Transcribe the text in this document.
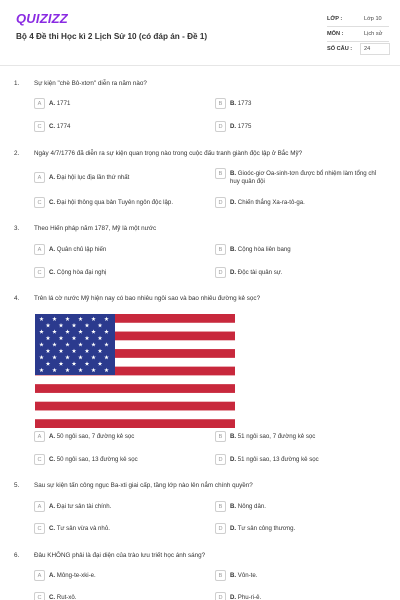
QUIZIZZ
Bộ 4 Đề thi Học kì 2 Lịch Sử 10 (có đáp án - Đề 1)
LỚP :	Lớp 10
MÔN :	Lịch sử
SỐ CÂU : 24
1. Sự kiện "chè Bô-xtơn" diễn ra năm nào?
A	A. 1771	B	B. 1773
C	C. 1774	D	D. 1775
2. Ngày 4/7/1776 đã diễn ra sự kiện quan trọng nào trong cuộc đấu tranh giành độc lập ở Bắc Mỹ?
A	A. Đại hội lục địa lần thứ nhất	B	B. Gioóc-giơ Oa-sinh-tơn được bổ nhiệm làm tổng chỉ huy quân đội
C	C. Đại hội thông qua bản Tuyên ngôn độc lập.	D	D. Chiến thắng Xa-ra-tô-ga.
3. Theo Hiến pháp năm 1787, Mỹ là một nước
A	A. Quân chủ lập hiến	B	B. Cộng hòa liên bang
C	C. Cộng hòa đại nghị	D	D. Độc tài quân sự.
4. Trên lá cờ nước Mỹ hiện nay có bao nhiêu ngôi sao và bao nhiêu đường kẻ sọc?
A	A. 50 ngôi sao, 7 đường kẻ sọc	B	B. 51 ngôi sao, 7 đường kẻ sọc
C	C. 50 ngôi sao, 13 đường kẻ sọc	D	D. 51 ngôi sao, 13 đường kẻ sọc
5. Sau sự kiện tấn công ngục Ba-xti giai cấp, tầng lớp nào lên nắm chính quyền?
A	A. Đại tư sản tài chính.	B	B. Nông dân.
C	C. Tư sản vừa và nhỏ.	D	D. Tư sản công thương.
6. Đâu KHÔNG phải là đại diện của trào lưu triết học ánh sáng?
A	A. Mông-te-xki-e.	B	B. Vôn-te.
C	C. Rut-xô.	D	D. Phu-ri-ê.
